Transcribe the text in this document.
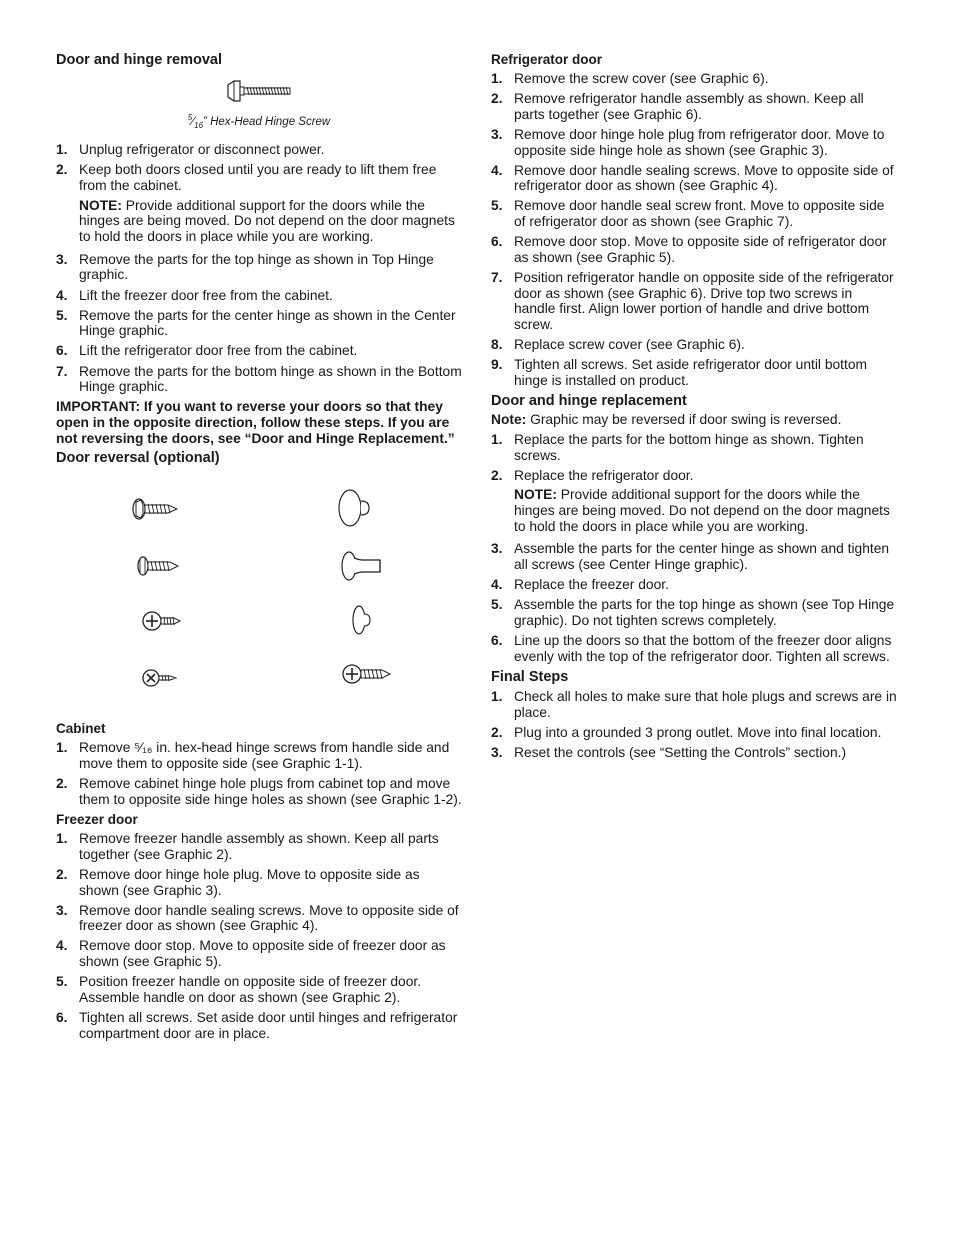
Door and hinge removal
$^5⁄_{16}$” Hex-Head Hinge Screw
1. Unplug refrigerator or disconnect power.
2. Keep both doors closed until you are ready to lift them free from the cabinet.

NOTE: Provide additional support for the doors while the hinges are being moved. Do not depend on the door magnets to hold the doors in place while you are working.

3. Remove the parts for the top hinge as shown in Top Hinge graphic.
4. Lift the freezer door free from the cabinet.
5. Remove the parts for the center hinge as shown in the Center Hinge graphic.
6. Lift the refrigerator door free from the cabinet.
7. Remove the parts for the bottom hinge as shown in the Bottom Hinge graphic.

IMPORTANT: If you want to reverse your doors so that they open in the opposite direction, follow these steps. If you are not reversing the doors, see “Door and Hinge Replacement.”

Door reversal (optional)
Cabinet
1. Remove ⁵⁄₁₆ in. hex-head hinge screws from handle side and move them to opposite side (see Graphic 1-1).
2. Remove cabinet hinge hole plugs from cabinet top and move them to opposite side hinge holes as shown (see Graphic 1-2).
Freezer door
1. Remove freezer handle assembly as shown. Keep all parts together (see Graphic 2).
2. Remove door hinge hole plug. Move to opposite side as shown (see Graphic 3).
3. Remove door handle sealing screws. Move to opposite side of freezer door as shown (see Graphic 4).
4. Remove door stop. Move to opposite side of freezer door as shown (see Graphic 5).
5. Position freezer handle on opposite side of freezer door. Assemble handle on door as shown (see Graphic 2).
6. Tighten all screws. Set aside door until hinges and refrigerator compartment door are in place.
Refrigerator door
1. Remove the screw cover (see Graphic 6).
2. Remove refrigerator handle assembly as shown. Keep all parts together (see Graphic 6).
3. Remove door hinge hole plug from refrigerator door. Move to opposite side hinge hole as shown (see Graphic 3).
4. Remove door handle sealing screws. Move to opposite side of refrigerator door as shown (see Graphic 4).
5. Remove door handle seal screw front. Move to opposite side of refrigerator door as shown (see Graphic 7).
6. Remove door stop. Move to opposite side of refrigerator door as shown (see Graphic 5).
7. Position refrigerator handle on opposite side of the refrigerator door as shown (see Graphic 6). Drive top two screws in handle first. Align lower portion of handle and drive bottom screw.
8. Replace screw cover (see Graphic 6).
9. Tighten all screws. Set aside refrigerator door until bottom hinge is installed on product.
Door and hinge replacement

Note: Graphic may be reversed if door swing is reversed.

1. Replace the parts for the bottom hinge as shown. Tighten screws.
2. Replace the refrigerator door.

NOTE: Provide additional support for the doors while the hinges are being moved. Do not depend on the door magnets to hold the doors in place while you are working.

3. Assemble the parts for the center hinge as shown and tighten all screws (see Center Hinge graphic).
4. Replace the freezer door.
5. Assemble the parts for the top hinge as shown (see Top Hinge graphic). Do not tighten screws completely.
6. Line up the doors so that the bottom of the freezer door aligns evenly with the top of the refrigerator door. Tighten all screws.
Final Steps
1. Check all holes to make sure that hole plugs and screws are in place.
2. Plug into a grounded 3 prong outlet. Move into final location.
3. Reset the controls (see “Setting the Controls” section.)
